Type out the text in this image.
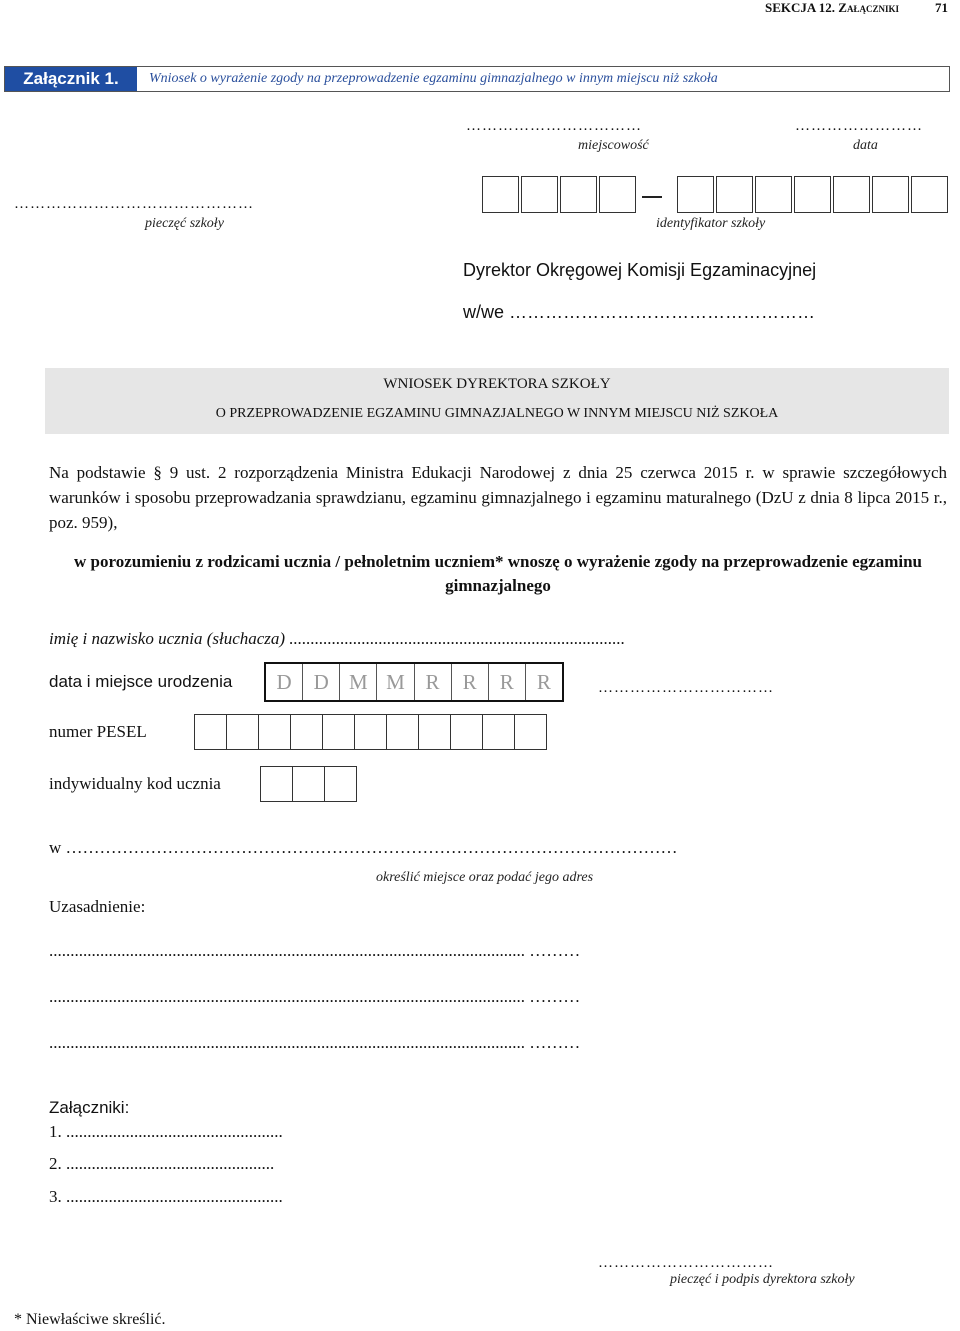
SEKCJA 12. Załączniki	71
Załącznik 1.	Wniosek o wyrażenie zgody na przeprowadzenie egzaminu gimnazjalnego w innym miejscu niż szkoła
……………………………
miejscowość
……………………
data
………………………………………
pieczęć szkoły	identyfikator szkoły
Dyrektor Okręgowej Komisji Egzaminacyjnej
w/we ……………………………………………
WNIOSEK DYREKTORA SZKOŁY
O PRZEPROWADZENIE EGZAMINU GIMNAZJALNEGO W INNYM MIEJSCU NIŻ SZKOŁA
Na podstawie § 9 ust. 2 rozporządzenia Ministra Edukacji Narodowej z dnia 25 czerwca 2015 r. w sprawie szczegółowych warunków i sposobu przeprowadzania sprawdzianu, egzaminu gimnazjalnego i egzaminu maturalnego (DzU z dnia 8 lipca 2015 r., poz. 959),
w porozumieniu z rodzicami ucznia / pełnoletnim uczniem* wnoszę o wyrażenie zgody na przeprowadzenie egzaminu gimnazjalnego
imię i nazwisko ucznia (słuchacza) ...............................................................................
data i miejsce urodzenia	D	D M M R	R	R	R	……………………………
numer PESEL
indywidualny kod ucznia
w ………………………………………………………………………………………………
określić miejsce oraz podać jego adres
Uzasadnienie:
................................................................................................................ ………
................................................................................................................ ………
................................................................................................................ ………
Załączniki:
1. ...................................................
2. .................................................
3. ...................................................
……………………………
pieczęć i podpis dyrektora szkoły
* Niewłaściwe skreślić.
